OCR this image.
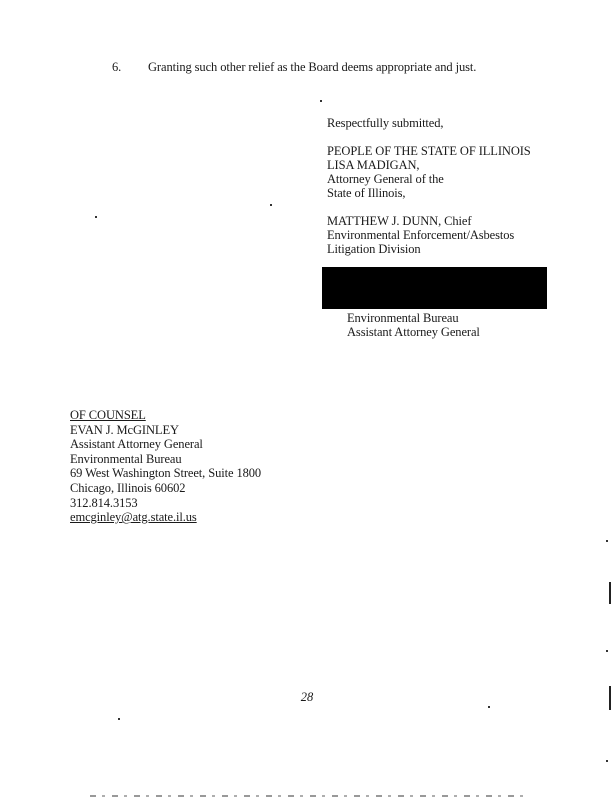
6. Granting such other relief as the Board deems appropriate and just.
Respectfully submitted,
PEOPLE OF THE STATE OF ILLINOIS
LISA MADIGAN,
Attorney General of the
State of Illinois,
MATTHEW J. DUNN, Chief
Environmental Enforcement/Asbestos
Litigation Division
Environmental Bureau
Assistant Attorney General
OF COUNSEL
EVAN J. McGINLEY
Assistant Attorney General
Environmental Bureau
69 West Washington Street, Suite 1800
Chicago, Illinois 60602
312.814.3153
emcginley@atg.state.il.us
28
